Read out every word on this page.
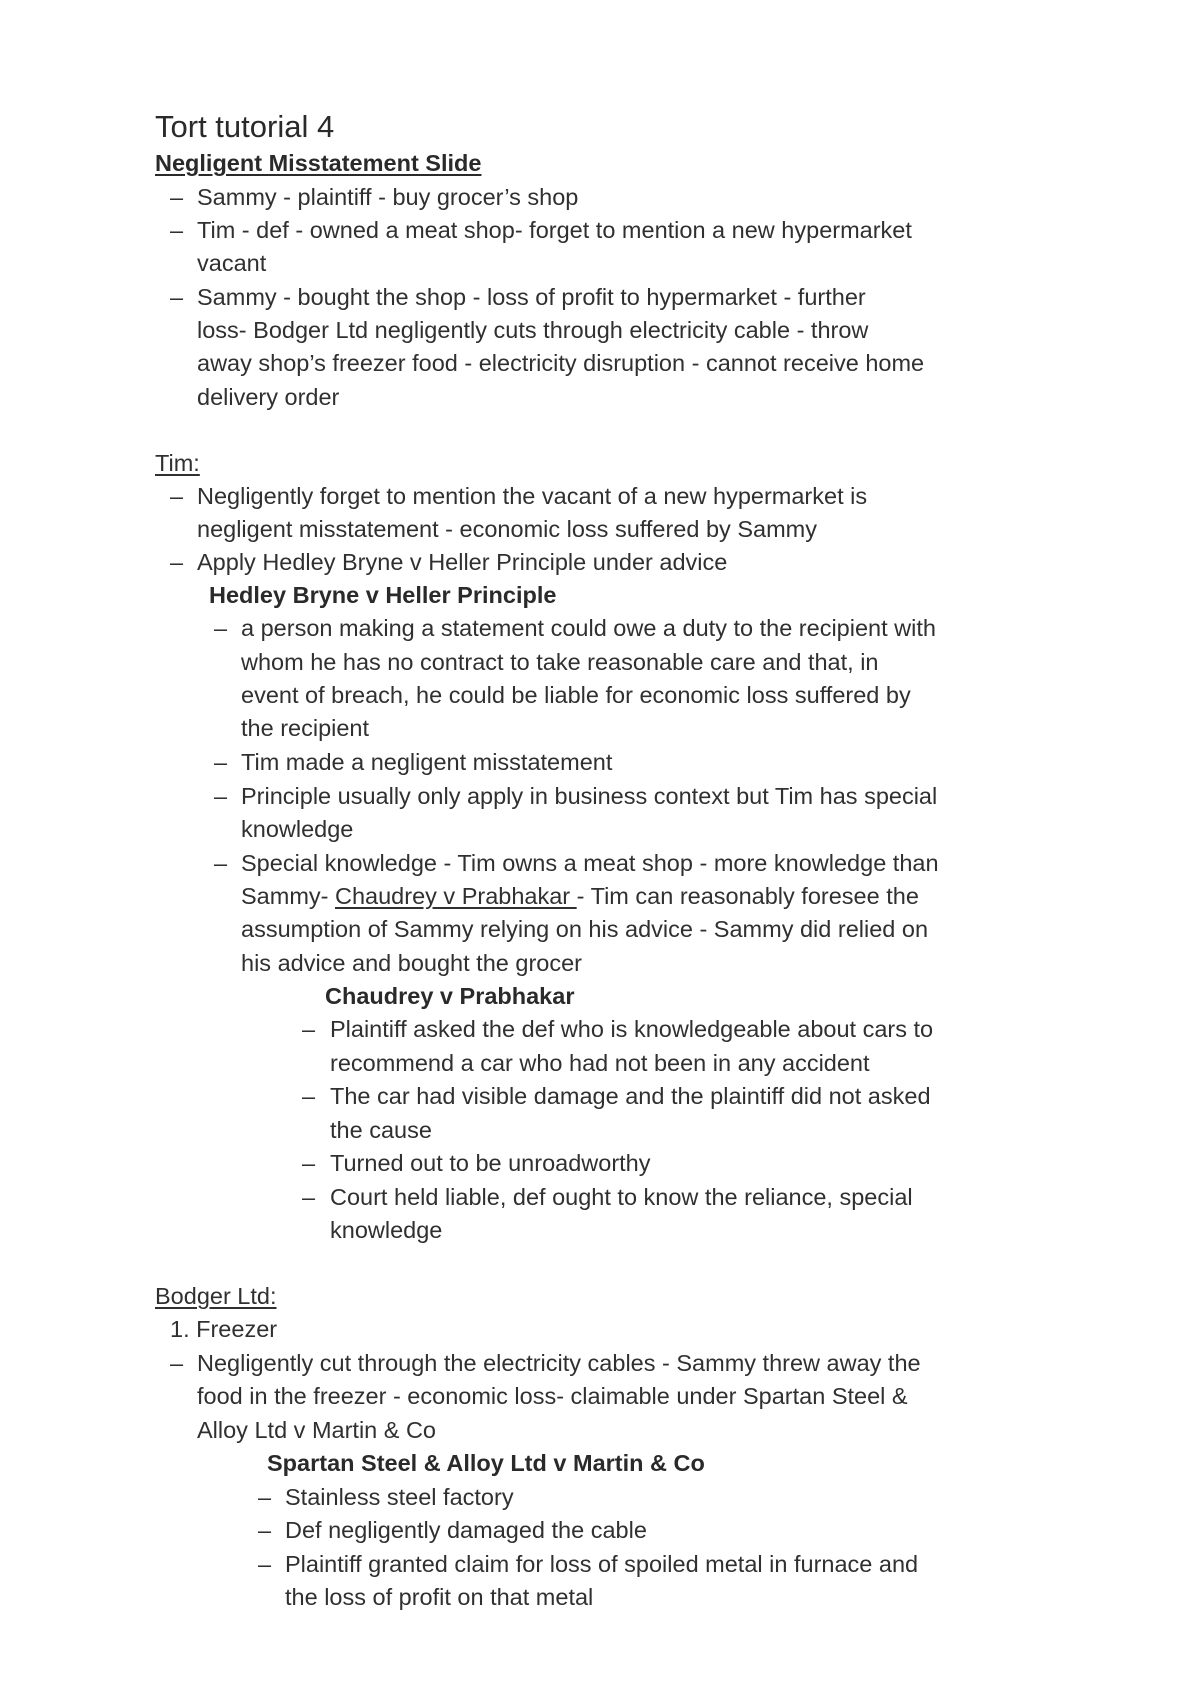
Tort tutorial 4
Negligent Misstatement Slide
– Sammy - plaintiff - buy grocer’s shop
– Tim - def - owned a meat shop- forget to mention a new hypermarket
vacant
– Sammy - bought the shop - loss of profit to hypermarket - further
loss- Bodger Ltd negligently cuts through electricity cable - throw
away shop’s freezer food - electricity disruption - cannot receive home
delivery order
Tim:
– Negligently forget to mention the vacant of a new hypermarket is
negligent misstatement - economic loss suffered by Sammy
– Apply Hedley Bryne v Heller Principle under advice
Hedley Bryne v Heller Principle
– a person making a statement could owe a duty to the recipient with
whom he has no contract to take reasonable care and that, in
event of breach, he could be liable for economic loss suffered by
the recipient
– Tim made a negligent misstatement
– Principle usually only apply in business context but Tim has special
knowledge
– Special knowledge - Tim owns a meat shop - more knowledge than
Sammy- Chaudrey v Prabhakar - Tim can reasonably foresee the
assumption of Sammy relying on his advice - Sammy did relied on
his advice and bought the grocer
Chaudrey v Prabhakar
– Plaintiff asked the def who is knowledgeable about cars to
recommend a car who had not been in any accident
– The car had visible damage and the plaintiff did not asked
the cause
– Turned out to be unroadworthy
– Court held liable, def ought to know the reliance, special
knowledge
Bodger Ltd:
1. Freezer
– Negligently cut through the electricity cables - Sammy threw away the
food in the freezer - economic loss- claimable under Spartan Steel &
Alloy Ltd v Martin & Co
Spartan Steel & Alloy Ltd v Martin & Co
– Stainless steel factory
– Def negligently damaged the cable
– Plaintiff granted claim for loss of spoiled metal in furnace and
the loss of profit on that metal
